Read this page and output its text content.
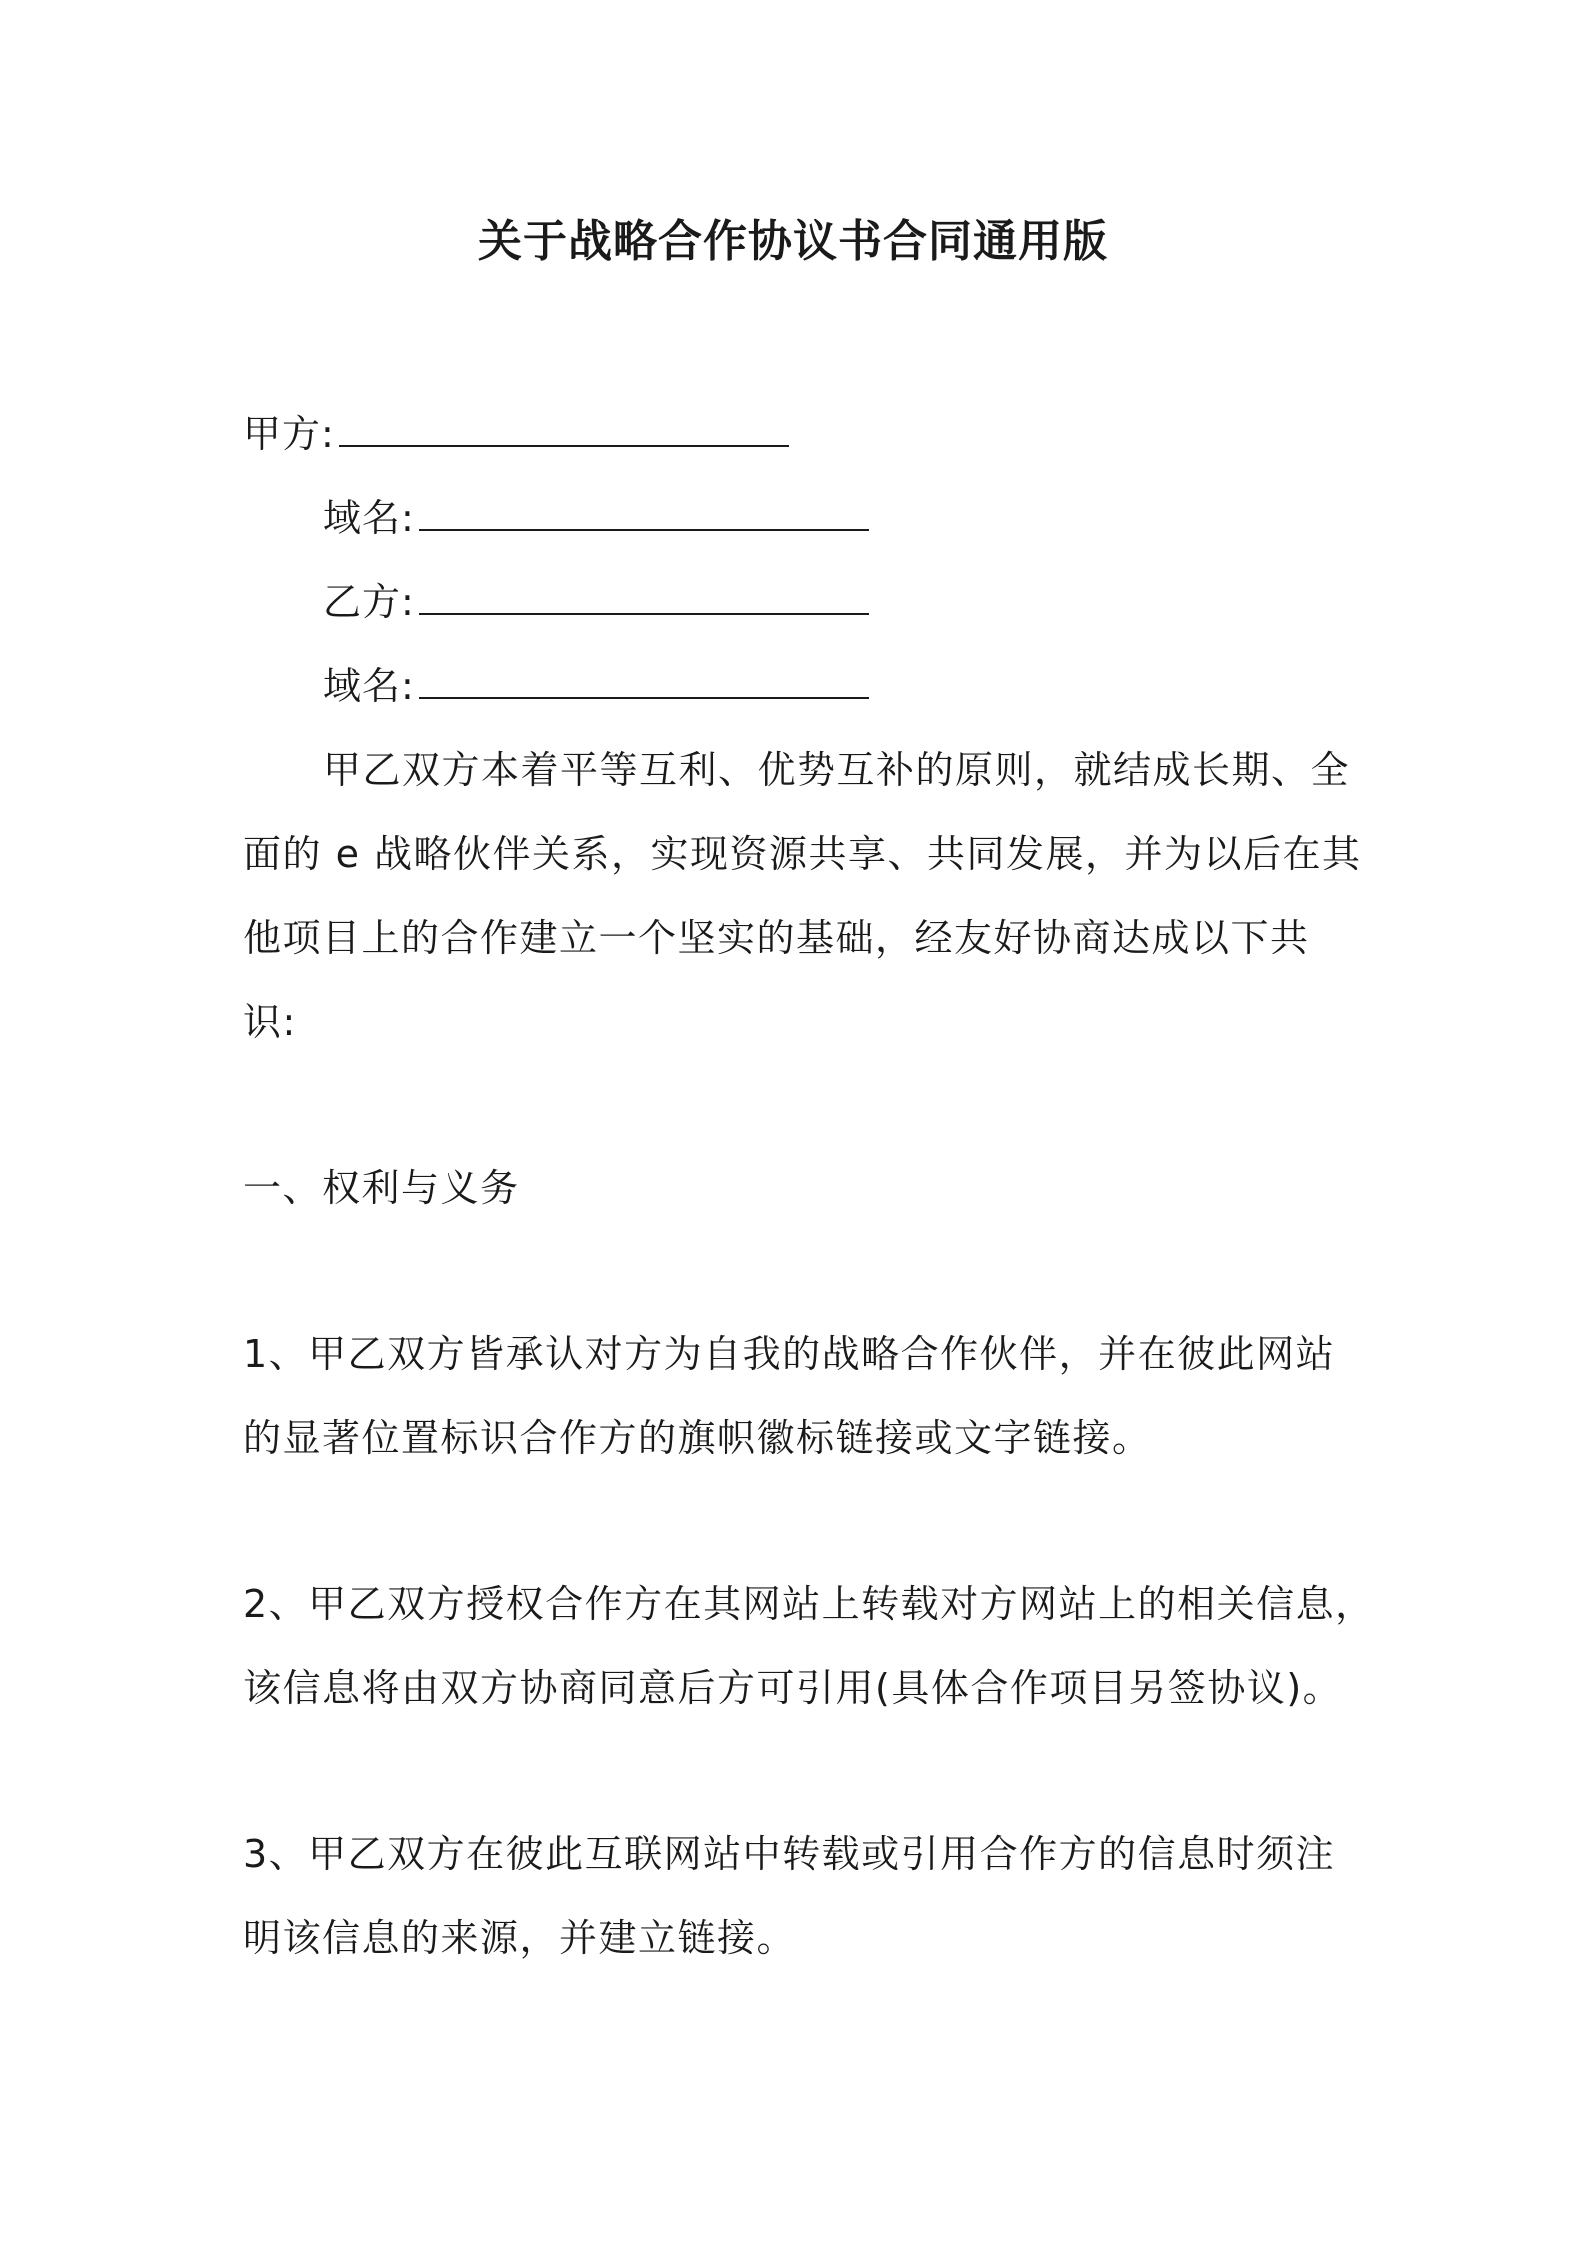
关于战略合作协议书合同通用版
甲方:
域名:
乙方:
域名:
甲乙双方本着平等互利、优势互补的原则，就结成长期、全
面的 e 战略伙伴关系，实现资源共享、共同发展，并为以后在其
他项目上的合作建立一个坚实的基础，经友好协商达成以下共
识:
一、权利与义务
1、甲乙双方皆承认对方为自我的战略合作伙伴，并在彼此网站
的显著位置标识合作方的旗帜徽标链接或文字链接。
2、甲乙双方授权合作方在其网站上转载对方网站上的相关信息，
该信息将由双方协商同意后方可引用(具体合作项目另签协议)。
3、甲乙双方在彼此互联网站中转载或引用合作方的信息时须注
明该信息的来源，并建立链接。
